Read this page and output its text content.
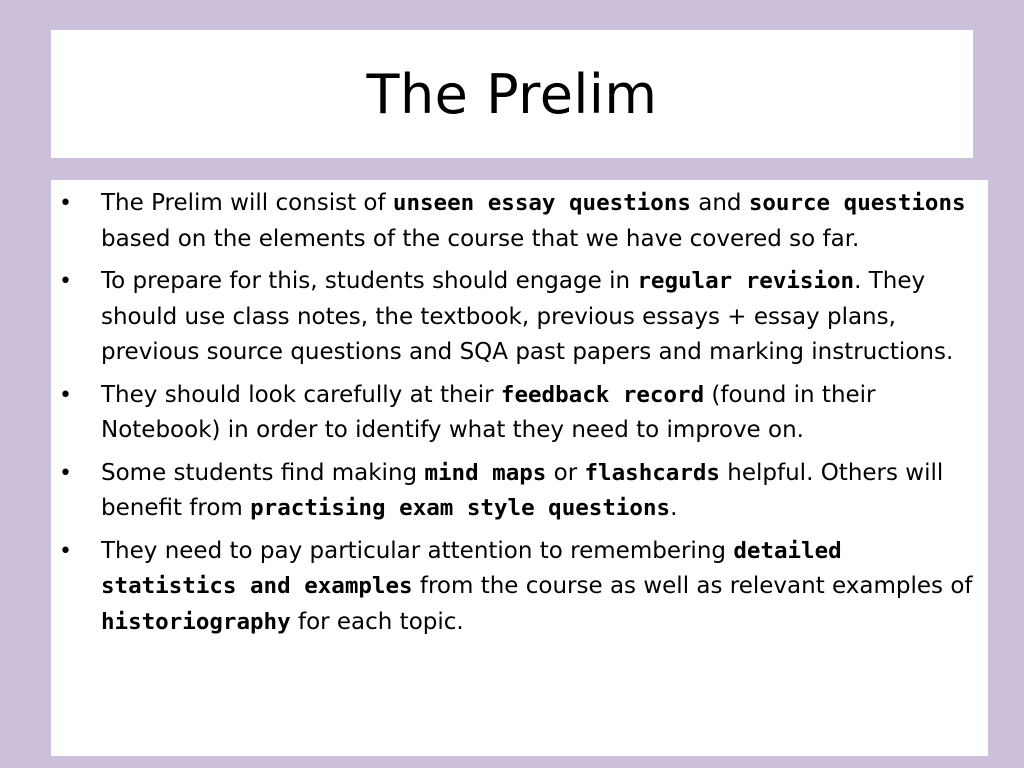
The Prelim
• The Prelim will consist of unseen essay questions and source questions based on the elements of the course that we have covered so far.
• To prepare for this, students should engage in regular revision. They should use class notes, the textbook, previous essays + essay plans, previous source questions and SQA past papers and marking instructions.
• They should look carefully at their feedback record (found in their Notebook) in order to identify what they need to improve on.
• Some students find making mind maps or flashcards helpful. Others will benefit from practising exam style questions.
• They need to pay particular attention to remembering detailed statistics and examples from the course as well as relevant examples of historiography for each topic.
